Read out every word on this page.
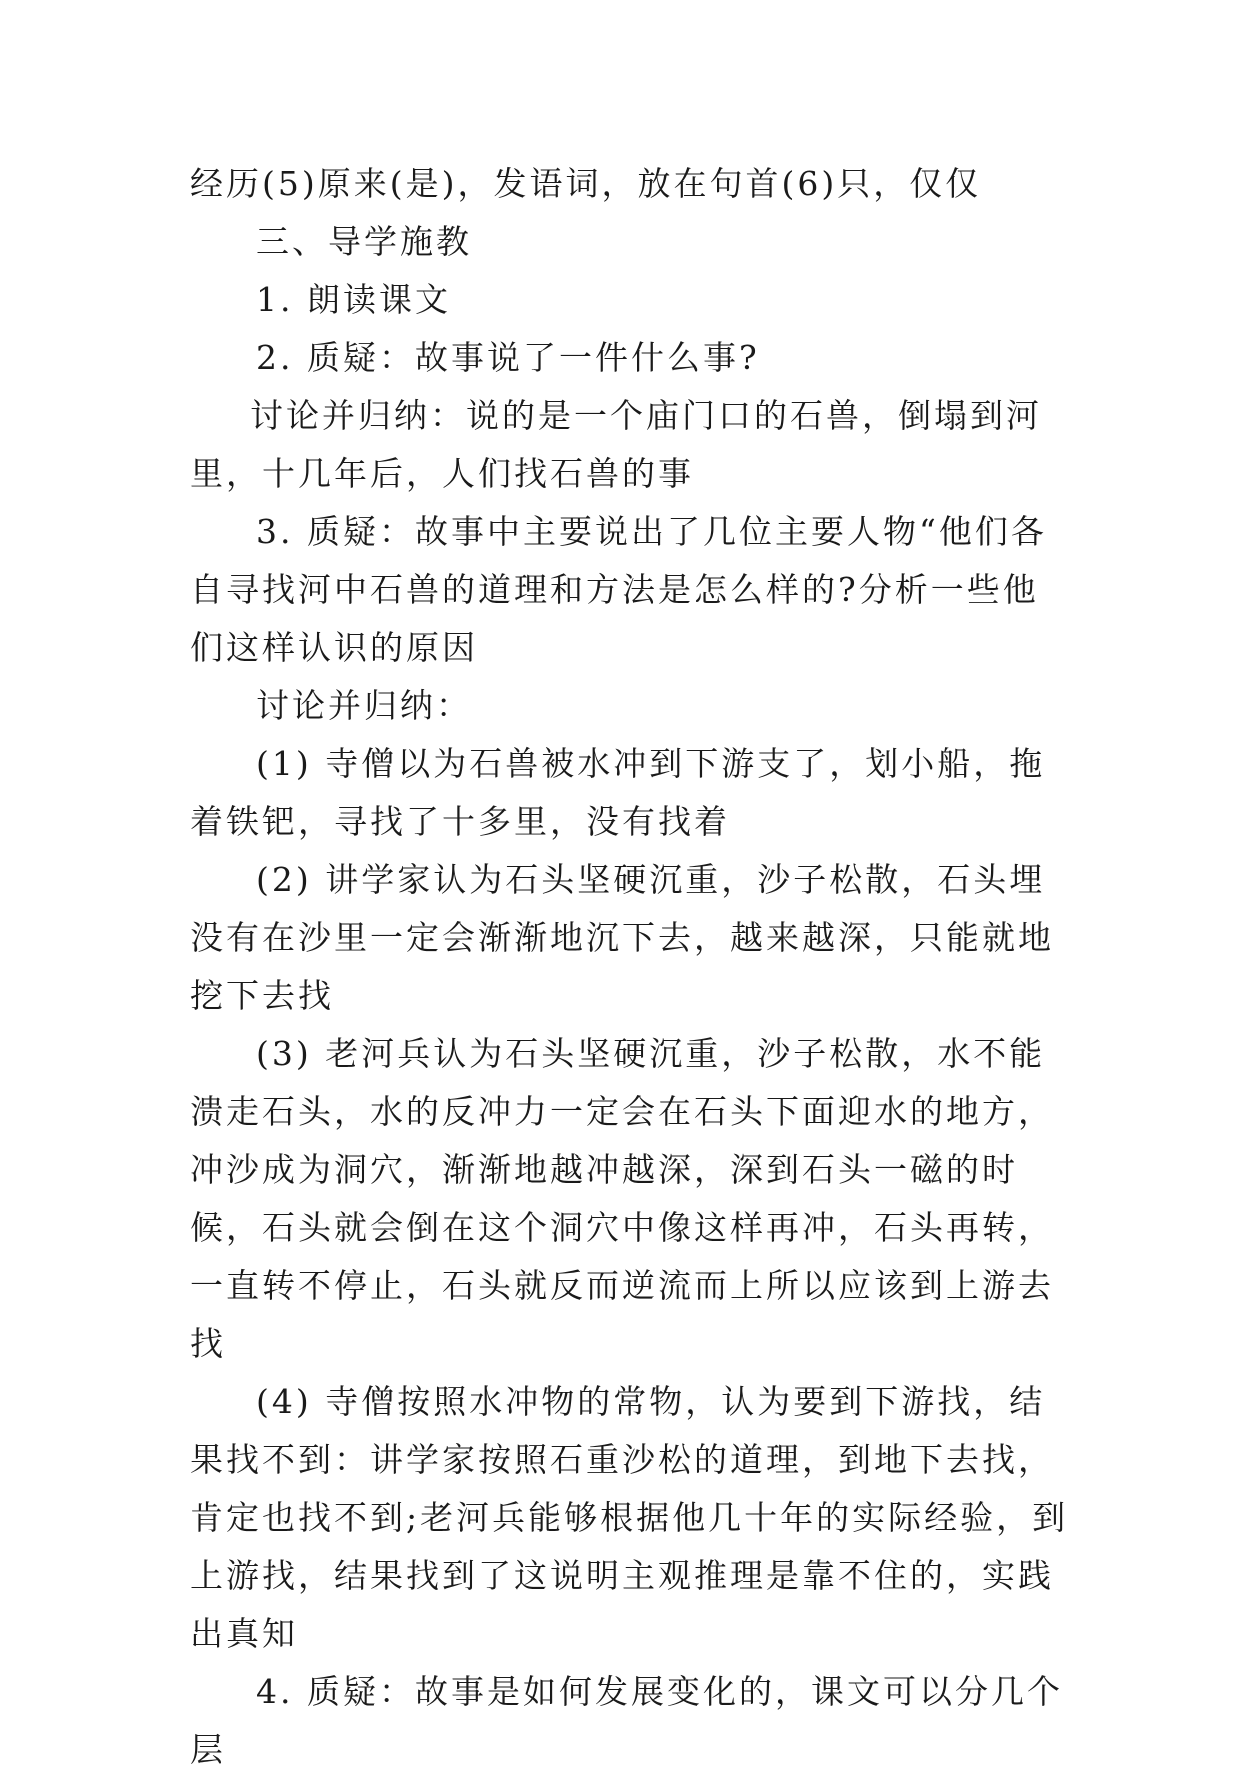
经历(5)原来(是)，发语词，放在句首(6)只，仅仅

三、导学施教

1. 朗读课文

2. 质疑：故事说了一件什么事?

讨论并归纳：说的是一个庙门口的石兽，倒塌到河里，十几年后，人们找石兽的事

3. 质疑：故事中主要说出了几位主要人物“他们各自寻找河中石兽的道理和方法是怎么样的?分析一些他们这样认识的原因

讨论并归纳：

(1) 寺僧以为石兽被水冲到下游支了，划小船，拖着铁钯，寻找了十多里，没有找着

(2) 讲学家认为石头坚硬沉重，沙子松散，石头埋没有在沙里一定会渐渐地沉下去，越来越深，只能就地挖下去找

(3) 老河兵认为石头坚硬沉重，沙子松散，水不能溃走石头，水的反冲力一定会在石头下面迎水的地方，冲沙成为洞穴，渐渐地越冲越深，深到石头一磁的时候，石头就会倒在这个洞穴中像这样再冲，石头再转，一直转不停止，石头就反而逆流而上所以应该到上游去找

(4) 寺僧按照水冲物的常物，认为要到下游找，结果找不到：讲学家按照石重沙松的道理，到地下去找，肯定也找不到;老河兵能够根据他几十年的实际经验，到上游找，结果找到了这说明主观推理是靠不住的，实践出真知

4. 质疑：故事是如何发展变化的，课文可以分几个层
